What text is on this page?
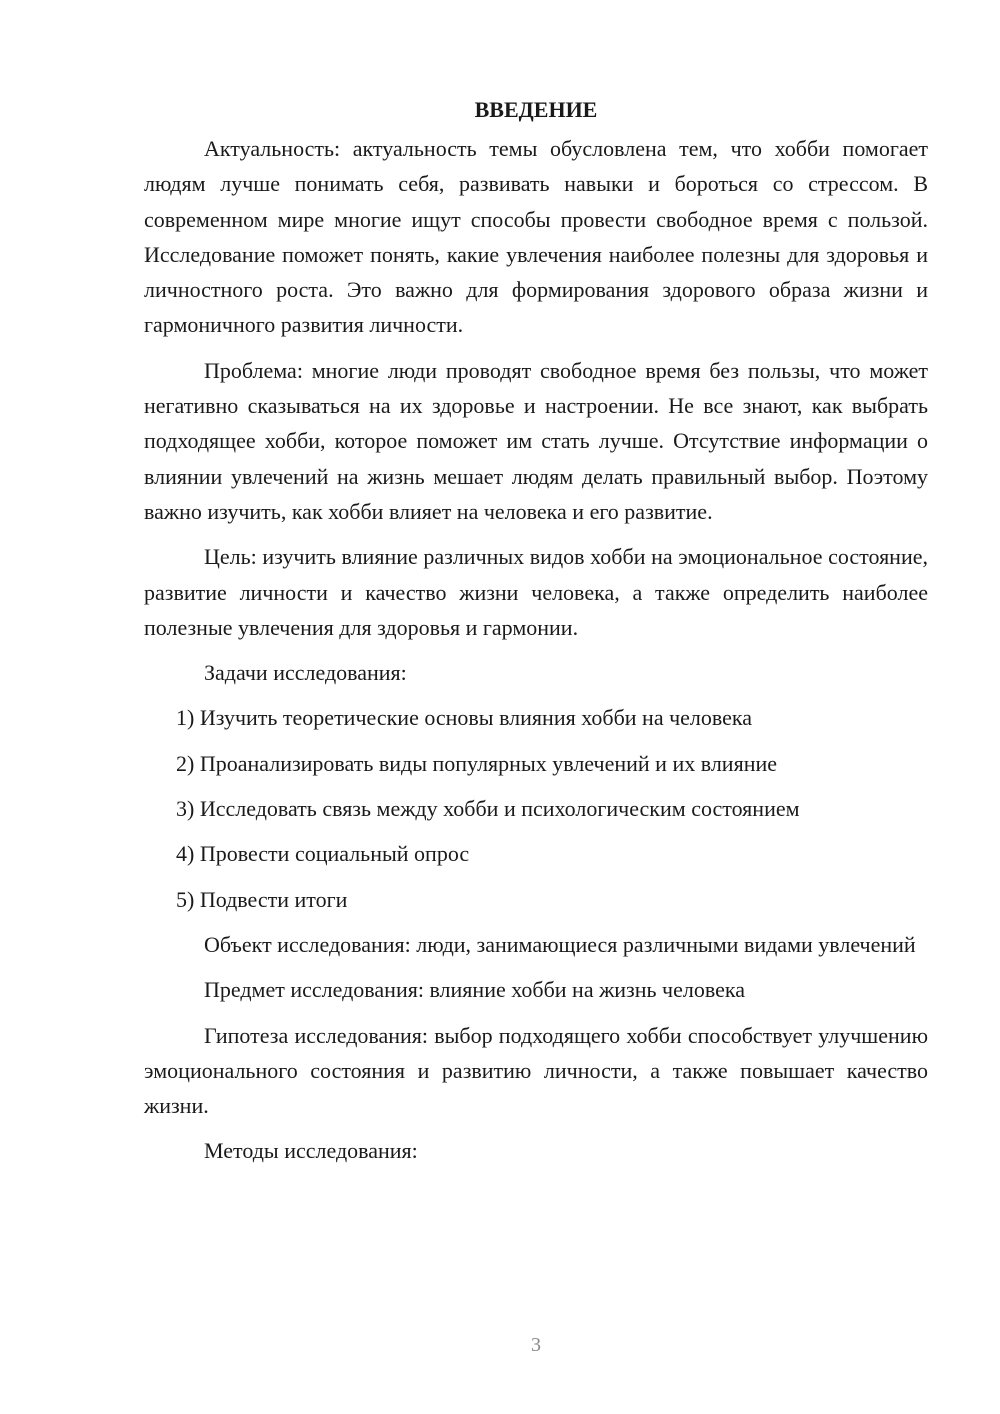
ВВЕДЕНИЕ

Актуальность: актуальность темы обусловлена тем, что хобби помогает людям лучше понимать себя, развивать навыки и бороться со стрессом. В современном мире многие ищут способы провести свободное время с пользой. Исследование поможет понять, какие увлечения наиболее полезны для здоровья и личностного роста. Это важно для формирования здорового образа жизни и гармоничного развития личности.

Проблема: многие люди проводят свободное время без пользы, что может негативно сказываться на их здоровье и настроении. Не все знают, как выбрать подходящее хобби, которое поможет им стать лучше. Отсутствие информации о влиянии увлечений на жизнь мешает людям делать правильный выбор. Поэтому важно изучить, как хобби влияет на человека и его развитие.

Цель: изучить влияние различных видов хобби на эмоциональное состояние, развитие личности и качество жизни человека, а также определить наиболее полезные увлечения для здоровья и гармонии.

Задачи исследования:

1) Изучить теоретические основы влияния хобби на человека

2) Проанализировать виды популярных увлечений и их влияние

3) Исследовать связь между хобби и психологическим состоянием

4) Провести социальный опрос

5) Подвести итоги

Объект исследования: люди, занимающиеся различными видами увлечений

Предмет исследования: влияние хобби на жизнь человека

Гипотеза исследования: выбор подходящего хобби способствует улучшению эмоционального состояния и развитию личности, а также повышает качество жизни.

Методы исследования:

3
